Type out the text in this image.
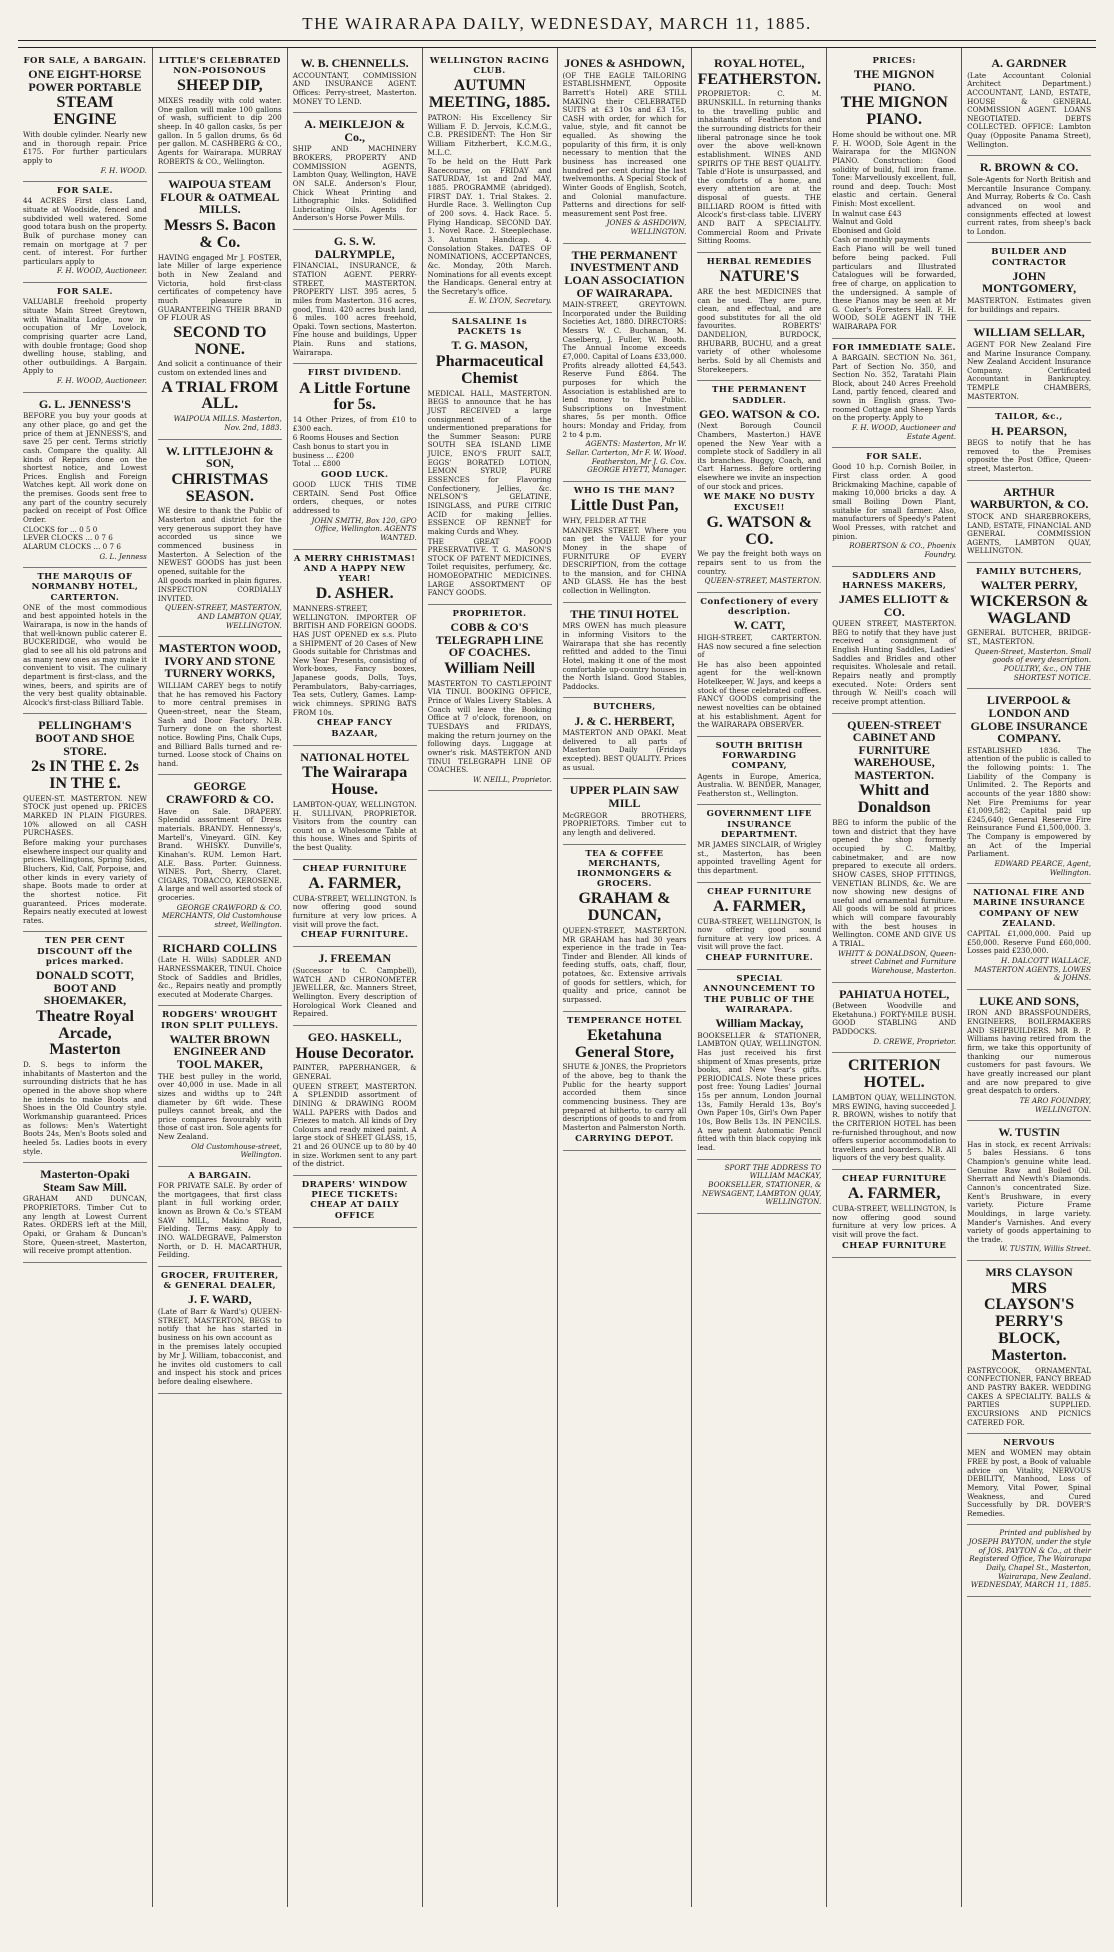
THE WAIRARAPA DAILY, WEDNESDAY, MARCH 11, 1885.
FOR SALE, A BARGAIN.
ONE EIGHT-HORSE POWER PORTABLE
STEAM ENGINE

With double cylinder. Nearly new and in thorough repair. Price £175. For further particulars apply to

F. H. WOOD.

FOR SALE.

44 ACRES First class Land, situate at Woodside, fenced and subdivided well watered. Some good totara bush on the property. Bulk of purchase money can remain on mortgage at 7 per cent. of interest. For further particulars apply to

F. H. WOOD, Auctioneer.

FOR SALE.

VALUABLE freehold property situate Main Street Greytown, with Wainalita Lodge, now in occupation of Mr Lovelock, comprising quarter acre Land, with double frontage; Good shop dwelling house, stabling, and other outbuildings. A Bargain. Apply to

F. H. WOOD, Auctioneer.

G. L. JENNESS'S

BEFORE you buy your goods at any other place, go and get the price of them at JENNESS'S, and save 25 per cent. Terms strictly cash. Compare the quality. All kinds of Repairs done on the shortest notice, and Lowest Prices. English and Foreign Watches kept. All work done on the premises. Goods sent free to any part of the country securely packed on receipt of Post Office Order.

CLOCKS for ... 0 5 0
LEVER CLOCKS ... 0 7 6
ALARUM CLOCKS ... 0 7 6

G. L. Jenness

THE MARQUIS OF NORMANBY HOTEL, CARTERTON.

ONE of the most commodious and best appointed hotels in the Wairarapa, is now in the hands of that well-known public caterer E. BUCKERIDGE, who would be glad to see all his old patrons and as many new ones as may make it convenient to visit. The culinary department is first-class, and the wines, beers, and spirits are of the very best quality obtainable. Alcock's first-class Billiard Table.

PELLINGHAM'S BOOT AND SHOE STORE.
2s IN THE £. 2s IN THE £.

QUEEN-ST. MASTERTON. NEW STOCK just opened up. PRICES MARKED IN PLAIN FIGURES. 10% allowed on all CASH PURCHASES.

Before making your purchases elsewhere inspect our quality and prices. Wellingtons, Spring Sides, Bluchers, Kid, Calf, Porpoise, and other kinds in every variety of shape. Boots made to order at the shortest notice. Fit guaranteed. Prices moderate. Repairs neatly executed at lowest rates.

TEN PER CENT DISCOUNT off the prices marked.
DONALD SCOTT, BOOT AND SHOEMAKER,
Theatre Royal Arcade, Masterton

D. S. begs to inform the inhabitants of Masterton and the surrounding districts that he has opened in the above shop where he intends to make Boots and Shoes in the Old Country style. Workmanship guaranteed. Prices as follows: Men's Watertight Boots 24s, Men's Boots soled and heeled 5s. Ladies boots in every style.

Masterton-Opaki Steam Saw Mill.

GRAHAM AND DUNCAN, PROPRIETORS. Timber Cut to any length at Lowest Current Rates. ORDERS left at the Mill, Opaki, or Graham & Duncan's Store, Queen-street, Masterton, will receive prompt attention.

LITTLE'S CELEBRATED NON-POISONOUS
SHEEP DIP,

MIXES readily with cold water. One gallon will make 100 gallons of wash, sufficient to dip 200 sheep. In 40 gallon casks, 5s per gallon. In 5 gallon drums, 6s 6d per gallon. M. CASHBERG & CO., Agents for Wairarapa. MURRAY ROBERTS & CO., Wellington.

WAIPOUA STEAM FLOUR & OATMEAL MILLS.
Messrs S. Bacon & Co.

HAVING engaged Mr J. FOSTER, late Miller of large experience both in New Zealand and Victoria, hold first-class certificates of competency have much pleasure in GUARANTEEING THEIR BRAND OF FLOUR AS

SECOND TO NONE.

And solicit a continuance of their custom on extended lines and

A TRIAL FROM ALL.

WAIPOUA MILLS. Masterton, Nov. 2nd, 1883.

W. LITTLEJOHN & SON,
CHRISTMAS SEASON.

WE desire to thank the Public of Masterton and district for the very generous support they have accorded us since we commenced business in Masterton. A Selection of the NEWEST GOODS has just been opened, suitable for the

All goods marked in plain figures. INSPECTION CORDIALLY INVITED.

QUEEN-STREET, MASTERTON, AND LAMBTON QUAY, WELLINGTON.

MASTERTON WOOD, IVORY AND STONE TURNERY WORKS,

WILLIAM CAREY begs to notify that he has removed his Factory to more central premises in Queen-street, near the Steam, Sash and Door Factory. N.B. Turnery done on the shortest notice. Bowling Pins, Chalk Cups, and Billiard Balls turned and re-turned. Loose stock of Chains on hand.

GEORGE CRAWFORD & CO.

Have on Sale. DRAPERY. Splendid assortment of Dress materials. BRANDY. Hennessy's, Martell's, Vineyard. GIN. Key Brand. WHISKY. Dunville's, Kinahan's. RUM. Lemon Hart. ALE. Bass. Porter. Guinness. WINES. Port, Sherry, Claret. CIGARS, TOBACCO, KEROSENE. A large and well assorted stock of groceries.

GEORGE CRAWFORD & CO. MERCHANTS, Old Customhouse street, Wellington.

RICHARD COLLINS

(Late H. Wills) SADDLER AND HARNESSMAKER, TINUI. Choice Stock of Saddles and Bridles, &c., Repairs neatly and promptly executed at Moderate Charges.

RODGERS' WROUGHT IRON SPLIT PULLEYS.
WALTER BROWN ENGINEER AND TOOL MAKER,

THE best pulley in the world, over 40,000 in use. Made in all sizes and widths up to 24ft diameter by 6ft wide. These pulleys cannot break, and the price compares favourably with those of cast iron. Sole agents for New Zealand.

Old Customhouse-street, Wellington.

A BARGAIN.

FOR PRIVATE SALE. By order of the mortgagees, that first class plant in full working order, known as Brown & Co.'s STEAM SAW MILL, Makino Road, Fielding. Terms easy. Apply to INO. WALDEGRAVE, Palmerston North, or D. H. MACARTHUR, Feilding.

GROCER, FRUITERER, & GENERAL DEALER,
J. F. WARD,

(Late of Barr & Ward's) QUEEN-STREET, MASTERTON, BEGS to notify that he has started in business on his own account as

in the premises lately occupied by Mr J. William, tobacconist, and he invites old customers to call and inspect his stock and prices before dealing elsewhere.

W. B. CHENNELLS.

ACCOUNTANT, COMMISSION AND INSURANCE AGENT. Offices: Perry-street, Masterton. MONEY TO LEND.

A. MEIKLEJON & Co.,

SHIP AND MACHINERY BROKERS, PROPERTY AND COMMISSION AGENTS, Lambton Quay, Wellington, HAVE ON SALE. Anderson's Flour, Chick Wheat Printing and Lithographic Inks. Solidified Lubricating Oils. Agents for Anderson's Horse Power Mills.

G. S. W. DALRYMPLE,

FINANCIAL, INSURANCE, & STATION AGENT. PERRY-STREET, MASTERTON. PROPERTY LIST. 395 acres, 5 miles from Masterton. 316 acres, good, Tinui. 420 acres bush land, 6 miles. 100 acres freehold, Opaki. Town sections, Masterton. Fine house and buildings, Upper Plain. Runs and stations, Wairarapa.

FIRST DIVIDEND.
A Little Fortune for 5s.

14 Other Prizes, of from £10 to £300 each.

6 Rooms Houses and Section
Cash bonus to start you in business ... £200
Total ... £800
GOOD LUCK.

GOOD LUCK THIS TIME CERTAIN. Send Post Office orders, cheques, or notes addressed to

JOHN SMITH, Box 120, GPO Office, Wellington. AGENTS WANTED.

A MERRY CHRISTMAS! AND A HAPPY NEW YEAR!
D. ASHER.

MANNERS-STREET, WELLINGTON. IMPORTER OF BRITISH AND FOREIGN GOODS. HAS JUST OPENED ex s.s. Pluto a SHIPMENT of 20 Cases of New Goods suitable for Christmas and New Year Presents, consisting of Work-boxes, Fancy boxes, Japanese goods, Dolls, Toys, Perambulators, Baby-carriages, Tea sets, Cutlery, Games. Lamp-wick chimneys. SPRING BATS FROM 10s.

CHEAP FANCY BAZAAR,
NATIONAL HOTEL
The Wairarapa House.

LAMBTON-QUAY, WELLINGTON. H. SULLIVAN, PROPRIETOR. Visitors from the country can count on a Wholesome Table at this house. Wines and Spirits of the best Quality.

CHEAP FURNITURE
A. FARMER,

CUBA-STREET, WELLINGTON. Is now offering good sound furniture at very low prices. A visit will prove the fact.

CHEAP FURNITURE.
J. FREEMAN

(Successor to C. Campbell), WATCH AND CHRONOMETER JEWELLER, &c. Manners Street, Wellington. Every description of Horological Work Cleaned and Repaired.

GEO. HASKELL,
House Decorator.

PAINTER, PAPERHANGER, & GENERAL

QUEEN STREET, MASTERTON. A SPLENDID assortment of DINING & DRAWING ROOM WALL PAPERS with Dados and Friezes to match. All kinds of Dry Colours and ready mixed paint. A large stock of SHEET GLASS, 15, 21 and 26 OUNCE up to 80 by 40 in size. Workmen sent to any part of the district.

DRAPERS' WINDOW PIECE TICKETS: CHEAP AT DAILY OFFICE
WELLINGTON RACING CLUB.
AUTUMN MEETING, 1885.

PATRON: His Excellency Sir William F. D. Jervois, K.C.M.G., C.B. PRESIDENT: The Hon Sir William Fitzherbert, K.C.M.G., M.L.C.

To be held on the Hutt Park Racecourse, on FRIDAY and SATURDAY, 1st and 2nd MAY, 1885. PROGRAMME (abridged). FIRST DAY. 1. Trial Stakes. 2. Hurdle Race. 3. Wellington Cup of 200 sovs. 4. Hack Race. 5. Flying Handicap. SECOND DAY. 1. Novel Race. 2. Steeplechase. 3. Autumn Handicap. 4. Consolation Stakes. DATES OF NOMINATIONS, ACCEPTANCES, &c. Monday, 20th March. Nominations for all events except the Handicaps. General entry at the Secretary's office.

E. W. LYON, Secretary.

SALSALINE 1s PACKETS 1s
T. G. MASON,
Pharmaceutical Chemist

MEDICAL HALL, MASTERTON. BEGS to announce that he has JUST RECEIVED a large consignment of the undermentioned preparations for the Summer Season: PURE SOUTH SEA ISLAND LIME JUICE, ENO'S FRUIT SALT, EGGS' BORATED LOTION, LEMON SYRUP, PURE ESSENCES for Flavoring Confectionery, Jellies, &c. NELSON'S GELATINE, ISINGLASS, and PURE CITRIC ACID for making Jellies. ESSENCE OF RENNET for making Curds and Whey.

THE GREAT FOOD PRESERVATIVE. T. G. MASON'S STOCK OF PATENT MEDICINES, Toilet requisites, perfumery, &c. HOMOEOPATHIC MEDICINES. LARGE ASSORTMENT OF FANCY GOODS.

PROPRIETOR.
COBB & CO'S TELEGRAPH LINE OF COACHES.
William Neill

MASTERTON TO CASTLEPOINT VIA TINUI. BOOKING OFFICE, Prince of Wales Livery Stables. A Coach will leave the Booking Office at 7 o'clock, forenoon, on TUESDAYS and FRIDAYS, making the return journey on the following days. Luggage at owner's risk. MASTERTON AND TINUI TELEGRAPH LINE OF COACHES.

W. NEILL, Proprietor.

JONES & ASHDOWN,

(OF THE EAGLE TAILORING ESTABLISHMENT, Opposite Barrett's Hotel) ARE STILL MAKING their CELEBRATED SUITS at £3 10s and £3 15s, CASH with order, for which for value, style, and fit cannot be equalled. As showing the popularity of this firm, it is only necessary to mention that the business has increased one hundred per cent during the last twelvemonths. A Special Stock of Winter Goods of English, Scotch, and Colonial manufacture. Patterns and directions for self-measurement sent Post free.

JONES & ASHDOWN, WELLINGTON.

THE PERMANENT INVESTMENT AND LOAN ASSOCIATION OF WAIRARAPA.

MAIN-STREET, GREYTOWN. Incorporated under the Building Societies Act, 1880. DIRECTORS: Messrs W. C. Buchanan, M. Caselberg, J. Fuller, W. Booth. The Annual Income exceeds £7,000. Capital of Loans £33,000. Profits already allotted £4,543. Reserve Fund £864. The purposes for which the Association is established are to lend money to the Public. Subscriptions on Investment shares, 5s per month. Office hours: Monday and Friday, from 2 to 4 p.m.

AGENTS: Masterton, Mr W. Sellar. Carterton, Mr F. W. Wood. Featherston, Mr J. G. Cox. GEORGE HYETT, Manager.

WHO IS THE MAN?
Little Dust Pan,

WHY, FELDER AT THE

MANNERS STREET. Where you can get the VALUE for your Money in the shape of FURNITURE OF EVERY DESCRIPTION, from the cottage to the mansion, and for CHINA AND GLASS. He has the best collection in Wellington.

THE TINUI HOTEL

MRS OWEN has much pleasure in informing Visitors to the Wairarapa that she has recently refitted and added to the Tinui Hotel, making it one of the most comfortable up-country houses in the North Island. Good Stables, Paddocks.

BUTCHERS,
J. & C. HERBERT,

MASTERTON AND OPAKI. Meat delivered to all parts of Masterton Daily (Fridays excepted). BEST QUALITY. Prices as usual.

UPPER PLAIN SAW MILL

McGREGOR BROTHERS, PROPRIETORS. Timber cut to any length and delivered.

TEA & COFFEE MERCHANTS, IRONMONGERS & GROCERS.
GRAHAM & DUNCAN,

QUEEN-STREET, MASTERTON. MR GRAHAM has had 30 years experience in the trade in Tea-Tinder and Blender. All kinds of feeding stuffs, oats, chaff, flour, potatoes, &c. Extensive arrivals of goods for settlers, which, for quality and price, cannot be surpassed.

TEMPERANCE HOTEL
Eketahuna General Store,

SHUTE & JONES, the Proprietors of the above, beg to thank the Public for the hearty support accorded them since commencing business. They are prepared at hitherto, to carry all descriptions of goods to and from Masterton and Palmerston North.

CARRYING DEPOT.
ROYAL HOTEL,
FEATHERSTON.

PROPRIETOR: C. M. BRUNSKILL. In returning thanks to the travelling public and inhabitants of Featherston and the surrounding districts for their liberal patronage since he took over the above well-known establishment. WINES AND SPIRITS OF THE BEST QUALITY. Table d'Hote is unsurpassed, and the comforts of a home, and every attention are at the disposal of guests. THE BILLIARD ROOM is fitted with Alcock's first-class table. LIVERY AND BAIT A SPECIALITY. Commercial Room and Private Sitting Rooms.

HERBAL REMEDIES
NATURE'S

ARE the best MEDICINES that can be used. They are pure, clean, and effectual, and are good substitutes for all the old favourites. ROBERTS' DANDELION, BURDOCK, RHUBARB, BUCHU, and a great variety of other wholesome herbs. Sold by all Chemists and Storekeepers.

THE PERMANENT SADDLER.
GEO. WATSON & CO.

(Next Borough Council Chambers, Masterton.) HAVE opened the New Year with a complete stock of Saddlery in all its branches. Buggy, Coach, and Cart Harness. Before ordering elsewhere we invite an inspection of our stock and prices.

WE MAKE NO DUSTY EXCUSE!!
G. WATSON & CO.

We pay the freight both ways on repairs sent to us from the country.

QUEEN-STREET, MASTERTON.

Confectionery of every description.
W. CATT,

HIGH-STREET, CARTERTON. HAS now secured a fine selection of

He has also been appointed agent for the well-known Hotelkeeper, W. Jays, and keeps a stock of these celebrated coffees. FANCY GOODS comprising the newest novelties can be obtained at his establishment. Agent for the WAIRARAPA OBSERVER.

SOUTH BRITISH FORWARDING COMPANY,

Agents in Europe, America, Australia. W. BENDER, Manager, Featherston st., Wellington.

GOVERNMENT LIFE INSURANCE DEPARTMENT.

MR JAMES SINCLAIR, of Wrigley st., Masterton, has been appointed travelling Agent for this department.

CHEAP FURNITURE
A. FARMER,

CUBA-STREET, WELLINGTON, Is now offering good sound furniture at very low prices. A visit will prove the fact.

CHEAP FURNITURE.
SPECIAL ANNOUNCEMENT TO THE PUBLIC OF THE WAIRARAPA.
William Mackay,

BOOKSELLER & STATIONER, LAMBTON QUAY, WELLINGTON. Has just received his first shipment of Xmas presents, prize books, and New Year's gifts. PERIODICALS. Note these prices post free: Young Ladies' Journal 15s per annum, London Journal 13s, Family Herald 13s, Boy's Own Paper 10s, Girl's Own Paper 10s, Bow Bells 13s. IN PENCILS. A new patent Automatic Pencil fitted with thin black copying ink lead.

SPORT THE ADDRESS TO WILLIAM MACKAY, BOOKSELLER, STATIONER, & NEWSAGENT, LAMBTON QUAY, WELLINGTON.

PRICES:
THE MIGNON PIANO.
THE MIGNON PIANO.

Home should be without one. MR F. H. WOOD, Sole Agent in the Wairarapa for the MIGNON PIANO. Construction: Good solidity of build, full iron frame. Tone: Marvellously excellent, full, round and deep. Touch: Most elastic and certain. General Finish: Most excellent.

In walnut case £43
Walnut and Gold
Ebonised and Gold
Cash or monthly payments

Each Piano will be well tuned before being packed. Full particulars and Illustrated Catalogues will be forwarded, free of charge, on application to the undersigned. A sample of these Pianos may be seen at Mr G. Coker's Foresters Hall. F. H. WOOD, SOLE AGENT IN THE WAIRARAPA FOR

FOR IMMEDIATE SALE.

A BARGAIN. SECTION No. 361, Part of Section No. 350, and Section No. 352, Taratahi Plain Block, about 240 Acres Freehold Land, partly fenced, cleared and sown in English grass. Two-roomed Cottage and Sheep Yards on the property. Apply to

F. H. WOOD, Auctioneer and Estate Agent.

FOR SALE.

Good 10 h.p. Cornish Boiler, in First class order. A good Brickmaking Machine, capable of making 10,000 bricks a day. A small Boiling Down Plant, suitable for small farmer. Also, manufacturers of Speedy's Patent Wool Presses, with ratchet and pinion.

ROBERTSON & CO., Phoenix Foundry.

SADDLERS AND HARNESS MAKERS,
JAMES ELLIOTT & CO.

QUEEN STREET, MASTERTON. BEG to notify that they have just received a consignment of English Hunting Saddles, Ladies' Saddles and Bridles and other requisites. Wholesale and retail. Repairs neatly and promptly executed. Note: Orders sent through W. Neill's coach will receive prompt attention.

QUEEN-STREET CABINET AND FURNITURE WAREHOUSE, MASTERTON.
Whitt and Donaldson

BEG to inform the public of the town and district that they have opened the shop formerly occupied by C. Maltby, cabinetmaker, and are now prepared to execute all orders. SHOW CASES, SHOP FITTINGS, VENETIAN BLINDS, &c. We are now showing new designs of useful and ornamental furniture. All goods will be sold at prices which will compare favourably with the best houses in Wellington. COME AND GIVE US A TRIAL.

WHITT & DONALDSON, Queen-street Cabinet and Furniture Warehouse, Masterton.

PAHIATUA HOTEL,

(Between Woodville and Eketahuna.) FORTY-MILE BUSH. GOOD STABLING AND PADDOCKS.

D. CREWE, Proprietor.

CRITERION HOTEL.

LAMBTON QUAY, WELLINGTON. MRS EWING, having succeeded J. R. BROWN, wishes to notify that the CRITERION HOTEL has been re-furnished throughout, and now offers superior accommodation to travellers and boarders. N.B. All liquors of the very best quality.

CHEAP FURNITURE
A. FARMER,

CUBA-STREET, WELLINGTON, Is now offering good sound furniture at very low prices. A visit will prove the fact.

CHEAP FURNITURE
A. GARDNER

(Late Accountant Colonial Architect Department.) ACCOUNTANT, LAND, ESTATE, HOUSE & GENERAL COMMISSION AGENT. LOANS NEGOTIATED. DEBTS COLLECTED. OFFICE: Lambton Quay (Opposite Panama Street), Wellington.

R. BROWN & CO.

Sole-Agents for North British and Mercantile Insurance Company. And Murray, Roberts & Co. Cash advanced on wool and consignments effected at lowest current rates, from sheep's back to London.

BUILDER AND CONTRACTOR
JOHN MONTGOMERY,

MASTERTON. Estimates given for buildings and repairs.

WILLIAM SELLAR,

AGENT FOR New Zealand Fire and Marine Insurance Company. New Zealand Accident Insurance Company. Certificated Accountant in Bankruptcy. TEMPLE CHAMBERS, MASTERTON.

TAILOR, &c.,
H. PEARSON,

BEGS to notify that he has removed to the Premises opposite the Post Office, Queen-street, Masterton.

ARTHUR WARBURTON, & CO.

STOCK AND SHAREBROKERS, LAND, ESTATE, FINANCIAL AND GENERAL COMMISSION AGENTS, LAMBTON QUAY, WELLINGTON.

FAMILY BUTCHERS,
WALTER PERRY,
WICKERSON & WAGLAND

GENERAL BUTCHER, BRIDGE-ST., MASTERTON.

Queen-Street, Masterton. Small goods of every description. POULTRY, &c., ON THE SHORTEST NOTICE.

LIVERPOOL & LONDON AND GLOBE INSURANCE COMPANY.

ESTABLISHED 1836. The attention of the public is called to the following points: 1. The Liability of the Company is Unlimited. 2. The Reports and accounts of the year 1880 show: Net Fire Premiums for year £1,009,582; Capital paid up £245,640; General Reserve Fire Reinsurance Fund £1,500,000. 3. The Company is empowered by an Act of the Imperial Parliament.

EDWARD PEARCE, Agent, Wellington.

NATIONAL FIRE AND MARINE INSURANCE COMPANY OF NEW ZEALAND.

CAPITAL £1,000,000. Paid up £50,000. Reserve Fund £60,000. Losses paid £230,000.

H. DALCOTT WALLACE, MASTERTON AGENTS, LOWES & JOHNS.

LUKE AND SONS,

IRON AND BRASSFOUNDERS, ENGINEERS, BOILERMAKERS AND SHIPBUILDERS. MR B. P. Williams having retired from the firm, we take this opportunity of thanking our numerous customers for past favours. We have greatly increased our plant and are now prepared to give great despatch to orders.

TE ARO FOUNDRY, WELLINGTON.

W. TUSTIN

Has in stock, ex recent Arrivals: 5 bales Hessians. 6 tons Champion's genuine white lead. Genuine Raw and Boiled Oil. Sherratt and Newth's Diamonds. Cannon's concentrated Size. Kent's Brushware, in every variety. Picture Frame Mouldings, in large variety. Mander's Varnishes. And every variety of goods appertaining to the trade.

W. TUSTIN, Willis Street.

MRS CLAYSON
MRS CLAYSON'S PERRY'S BLOCK, Masterton.

PASTRYCOOK, ORNAMENTAL CONFECTIONER, FANCY BREAD AND PASTRY BAKER. WEDDING CAKES A SPECIALITY. BALLS & PARTIES SUPPLIED. EXCURSIONS AND PICNICS CATERED FOR.

NERVOUS

MEN and WOMEN may obtain FREE by post, a Book of valuable advice on Vitality, NERVOUS DEBILITY, Manhood, Loss of Memory, Vital Power, Spinal Weakness, and Cured Successfully by DR. DOVER'S Remedies.

Printed and published by JOSEPH PAYTON, under the style of JOS. PAYTON & Co., at their Registered Office, The Wairarapa Daily, Chapel St., Masterton, Wairarapa, New Zealand. WEDNESDAY, MARCH 11, 1885.
